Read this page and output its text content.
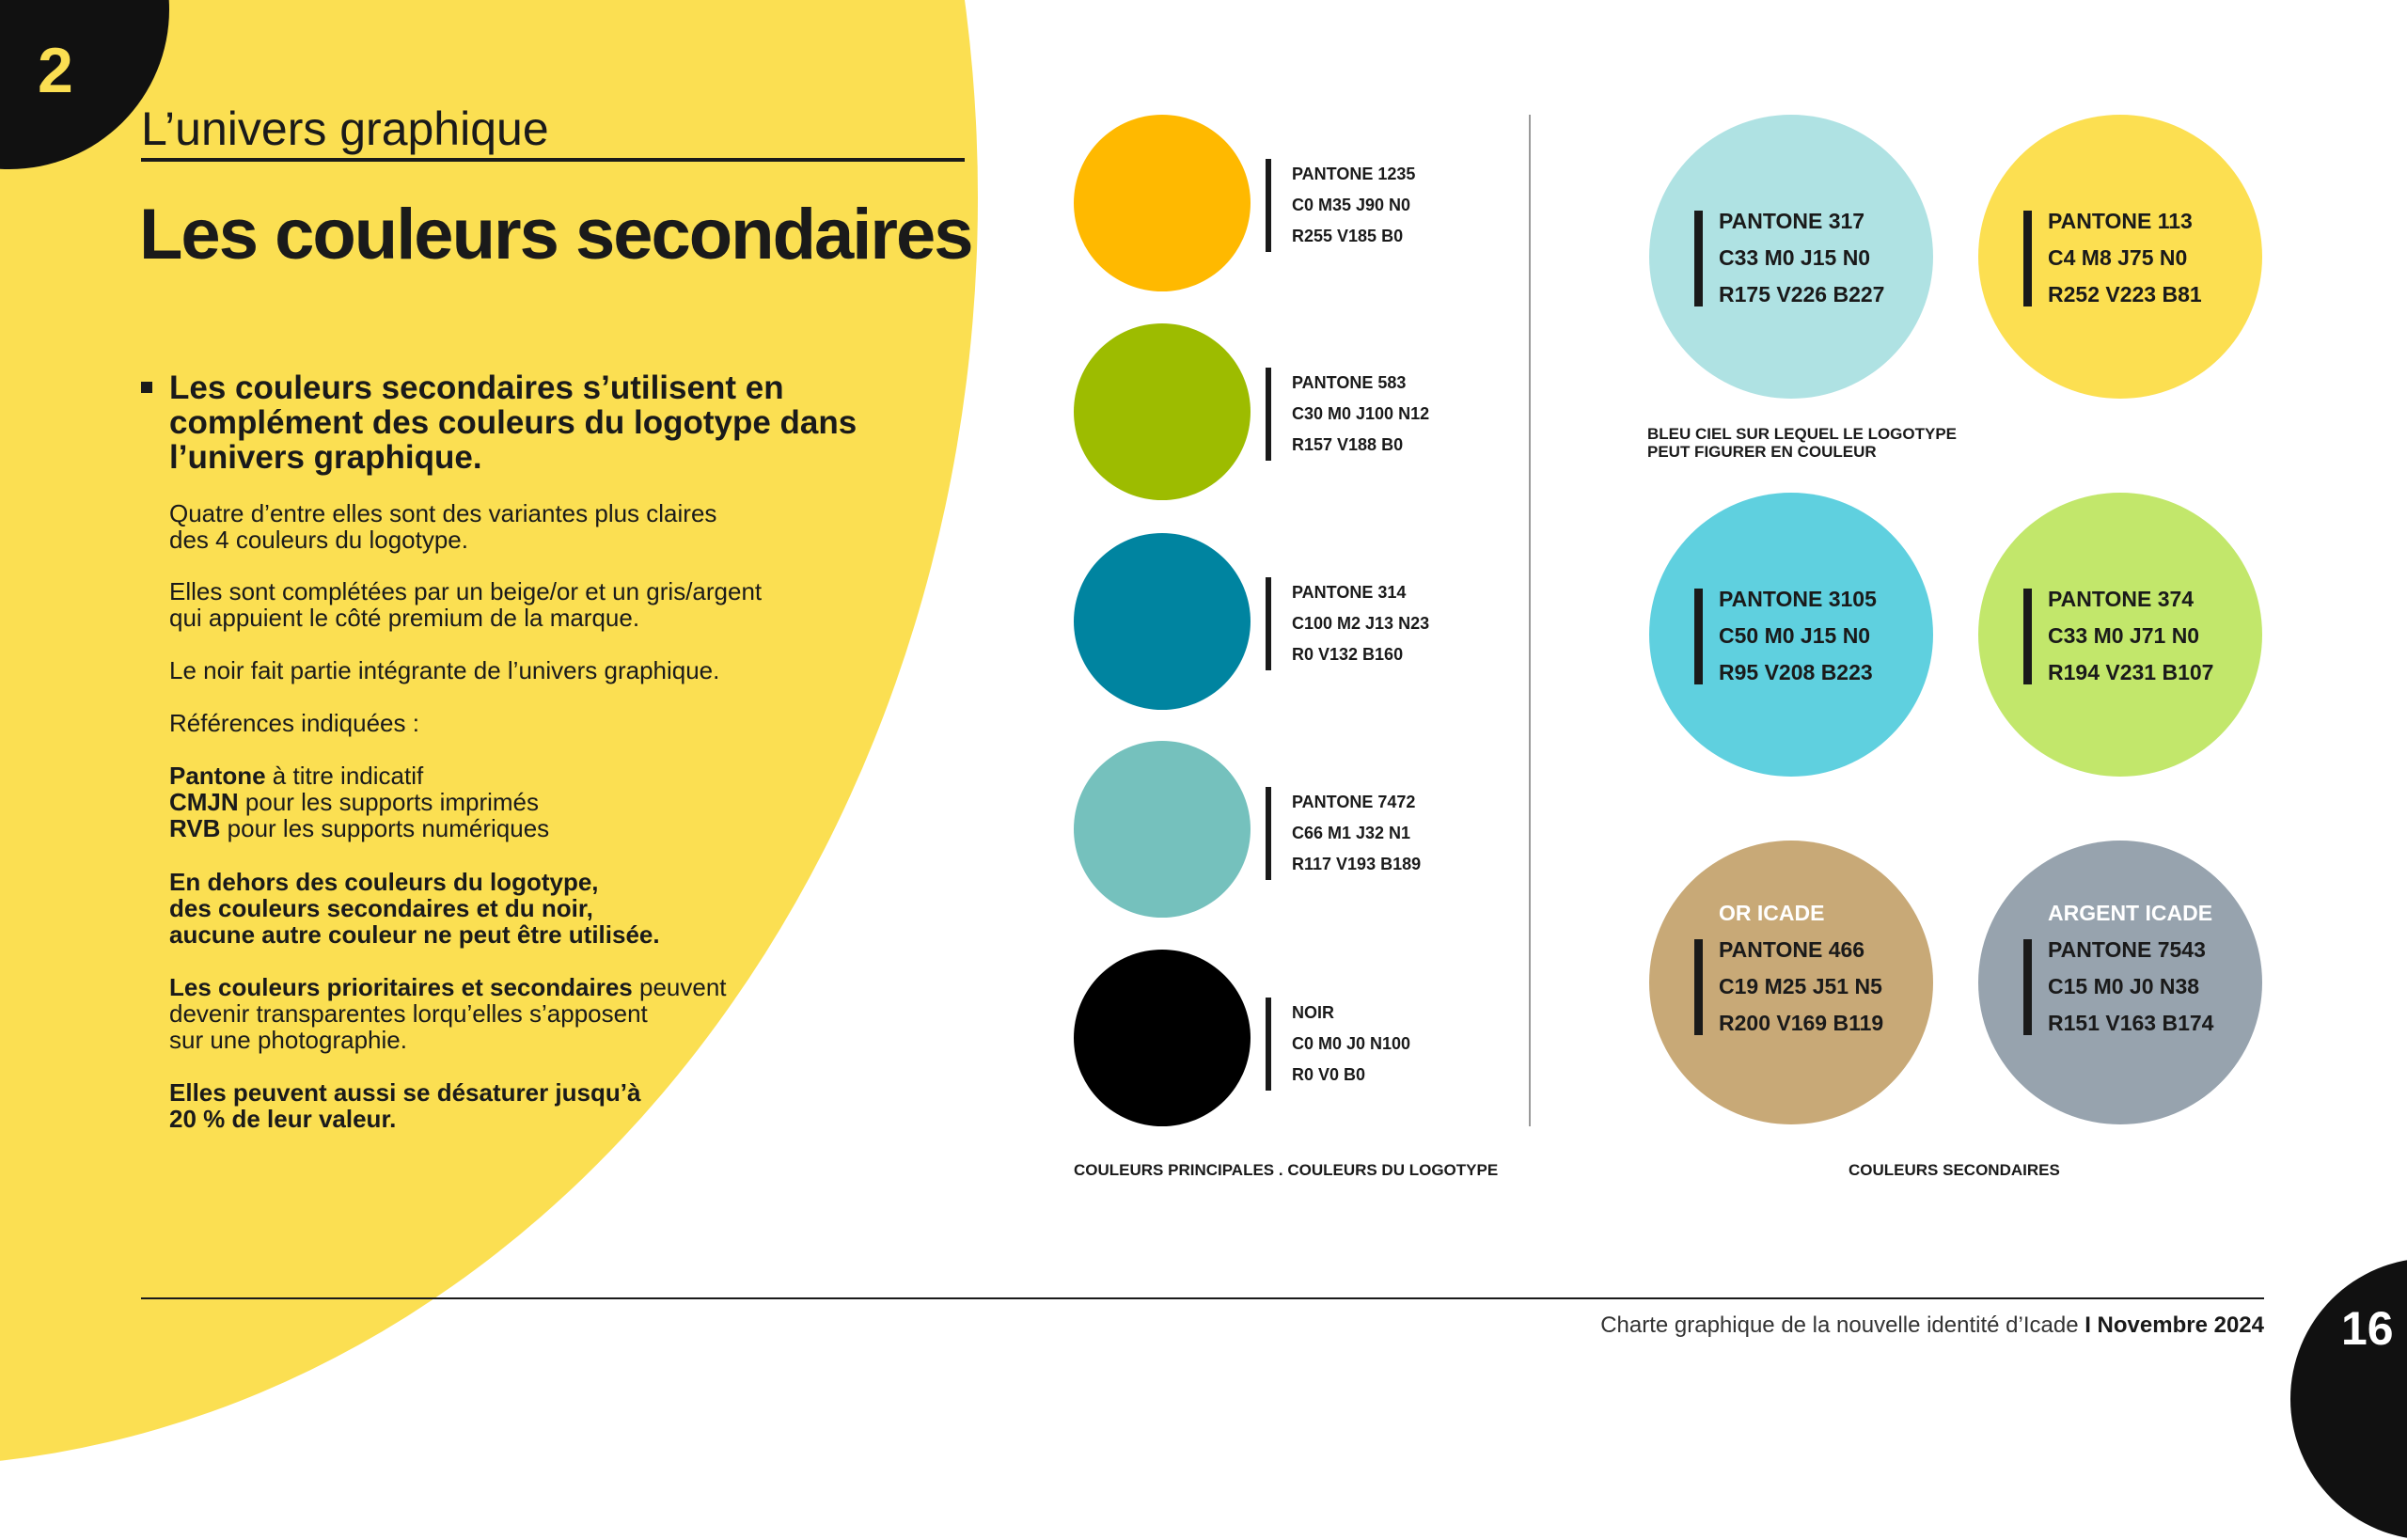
2
L’univers graphique
Les couleurs secondaires
Les couleurs secondaires s’utilisent en complément des couleurs du logotype dans l’univers graphique.
Quatre d’entre elles sont des variantes plus claires
des 4 couleurs du logotype.
Elles sont complétées par un beige/or et un gris/argent
qui appuient le côté premium de la marque.
Le noir fait partie intégrante de l’univers graphique.
Références indiquées :
Pantone à titre indicatif
CMJN pour les supports imprimés
RVB pour les supports numériques
En dehors des couleurs du logotype,
des couleurs secondaires et du noir,
aucune autre couleur ne peut être utilisée.
Les couleurs prioritaires et secondaires peuvent
devenir transparentes lorqu’elles s’apposent
sur une photographie.
Elles peuvent aussi se désaturer jusqu’à
20 % de leur valeur.
PANTONE 1235
C0 M35 J90 N0
R255 V185 B0
PANTONE 583
C30 M0 J100 N12
R157 V188 B0
PANTONE 314
C100 M2 J13 N23
R0 V132 B160
PANTONE 7472
C66 M1 J32 N1
R117 V193 B189
NOIR
C0 M0 J0 N100
R0 V0 B0
COULEURS PRINCIPALES . COULEURS DU LOGOTYPE
PANTONE 317
C33 M0 J15 N0
R175 V226 B227
PANTONE 113
C4 M8 J75 N0
R252 V223 B81
BLEU CIEL SUR LEQUEL LE LOGOTYPE
PEUT FIGURER EN COULEUR
PANTONE 3105
C50 M0 J15 N0
R95 V208 B223
PANTONE 374
C33 M0 J71 N0
R194 V231 B107
OR ICADE
PANTONE 466
C19 M25 J51 N5
R200 V169 B119
ARGENT ICADE
PANTONE 7543
C15 M0 J0 N38
R151 V163 B174
COULEURS SECONDAIRES
Charte graphique de la nouvelle identité d’Icade I Novembre 2024 16
